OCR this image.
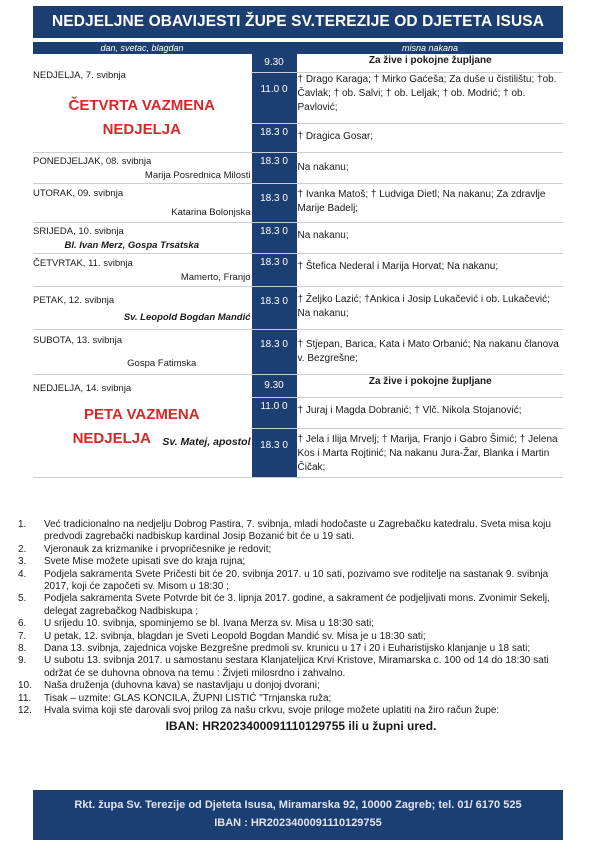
NEDJELJNE OBAVIJESTI ŽUPE SV.TEREZIJE OD DJETETA ISUSA
dan, svetac, blagdan		misna nakana

NEDJELJA, 7. svibnja
ČETVRTA VAZMENA
NEDJELJA	9.30	Za žive i pokojne župljane

	11.0 0	† Drago Karaga; † Mirko Gaćeša; Za duše u čistilištu; †ob. Čavlak; † ob. Salvi; † ob. Leljak; † ob. Modrić; † ob. Pavlović;

	18.3 0	† Dragica Gosar;

PONEDJELJAK, 08. svibnja
Marija Posrednica Milosti	18.3 0	Na nakanu;

UTORAK, 09. svibnja
Katarina Bolonjska	18.3 0	† Ivanka Matoš; † Ludviga Dietl; Na nakanu; Za zdravlje Marije Badelj;

SRIJEDA, 10. svibnja
Bl. Ivan Merz, Gospa Trsatska	18.3 0	Na nakanu;

ČETVRTAK, 11. svibnja
Mamerto, Franjo	18.3 0	† Štefica Nederal i Marija Horvat; Na nakanu;

PETAK, 12. svibnja
Sv. Leopold Bogdan Mandić	18.3 0	† Željko Lazić; †Ankica i Josip Lukačević i ob. Lukačević; Na nakanu;

SUBOTA, 13. svibnja
Gospa Fatimska	18.3 0	† Stjepan, Barica, Kata i Mato Orbanić; Na nakanu članova v. Bezgrešne;

NEDJELJA, 14. svibnja
PETA VAZMENA
NEDJELJA Sv. Matej, apostol	9.30	Za žive i pokojne župljane

	11.0 0	† Juraj i Magda Dobranić; † Vlč. Nikola Stojanović;

	18.3 0	† Jela i Ilija Mrvelj; † Marija, Franjo i Gabro Šimić; † Jelena Kos i Marta Rojtinić; Na nakanu Jura-Žar, Blanka i Martin Čičak;
1.	Već tradicionalno na nedjelju Dobrog Pastira, 7. svibnja, mladi hodočaste u Zagrebačku katedralu. Sveta misa koju predvodi zagrebački nadbiskup kardinal Josip Bozanić bit će u 19 sati.
2.	Vjeronauk za krizmanike i prvopričesnike je redovit;
3.	Svete Mise možete upisati sve do kraja rujna;
4.	Podjela sakramenta Svete Pričesti bit će 20. svibnja 2017. u 10 sati, pozivamo sve roditelje na sastanak 9. svibnja 2017, koji će započeti sv. Misom u 18:30 ;
5.	Podjela sakramenta Svete Potvrde bit će 3. lipnja 2017. godine, a sakrament će podjeljivati mons. Zvonimir Sekelj, delegat zagrebačkog Nadbiskupa ;
6.	U srijedu 10. svibnja, spominjemo se bl. Ivana Merza sv. Misa u 18:30 sati;
7.	U petak, 12. svibnja, blagdan je Sveti Leopold Bogdan Mandić sv. Misa je u 18:30 sati;
8.	Dana 13. svibnja, zajednica vojske Bezgrešne predmoli sv. krunicu u 17 i 20 i Euharistijsko klanjanje u 18 sati;
9.	U subotu 13. svibnja 2017. u samostanu sestara Klanjateljica Krvi Kristove, Miramarska c. 100 od 14 do 18:30 sati održat će se duhovna obnova na temu : Živjeti milosrdno i zahvalno.
10.	Naša druženja (duhovna kava) se nastavljaju u donjoj dvorani;
11.	Tisak – uzmite: GLAS KONCILA, ŽUPNI LISTIĆ "Trnjanska ruža;
12.	Hvala svima koji ste darovali svoj prilog za našu crkvu, svoje priloge možete uplatiti na žiro račun župe:
IBAN: HR2023400091110129755 ili u župni ured.
Rkt. župa Sv. Terezije od Djeteta Isusa, Miramarska 92, 10000 Zagreb; tel. 01/ 6170 525
IBAN : HR2023400091110129755
